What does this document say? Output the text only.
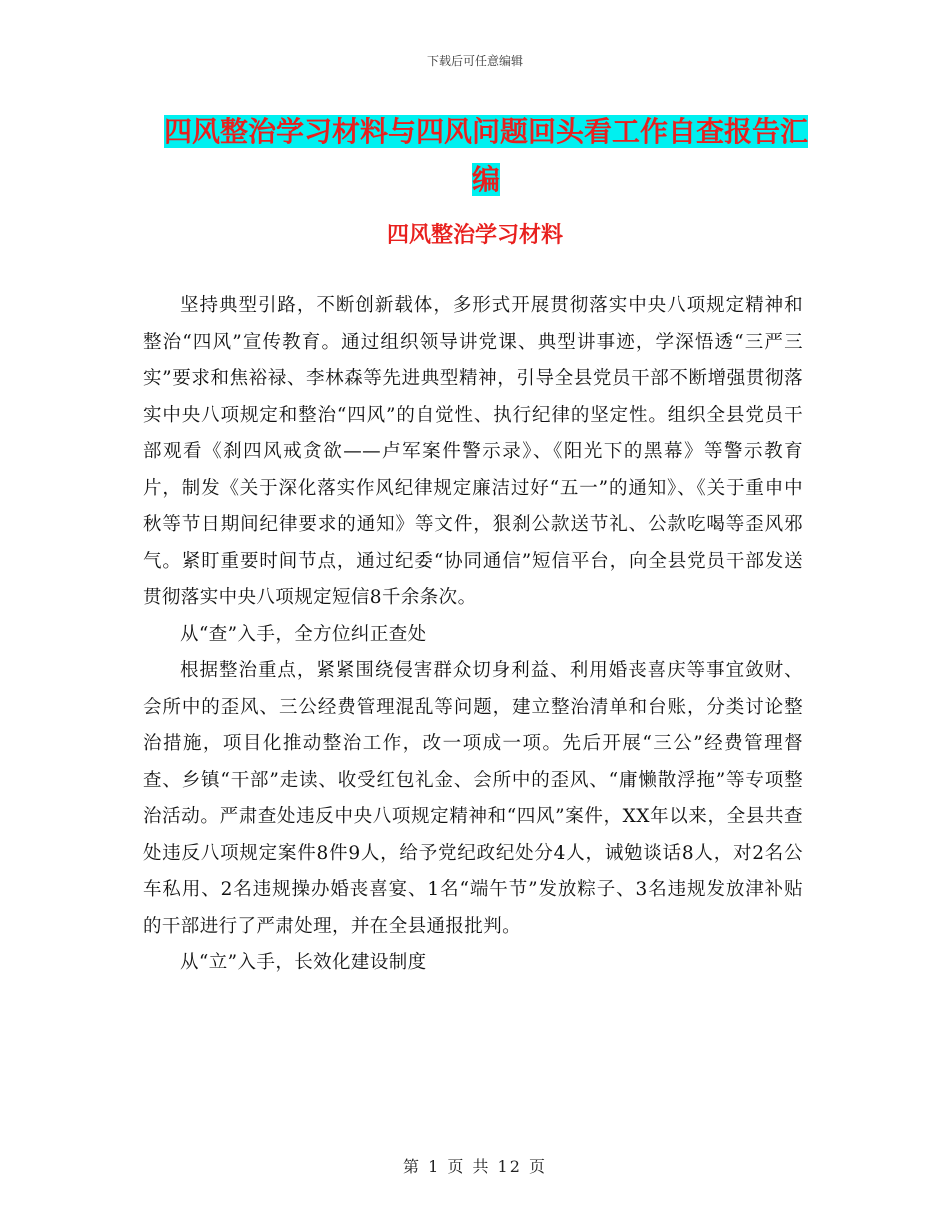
下载后可任意编辑
四风整治学习材料与四风问题回头看工作自查报告汇编
四风整治学习材料

坚持典型引路，不断创新载体，多形式开展贯彻落实中央八项规定精神和整治“四风”宣传教育。通过组织领导讲党课、典型讲事迹，学深悟透“三严三实”要求和焦裕禄、李林森等先进典型精神，引导全县党员干部不断增强贯彻落实中央八项规定和整治“四风”的自觉性、执行纪律的坚定性。组织全县党员干部观看《刹四风戒贪欲——卢军案件警示录》、《阳光下的黑幕》等警示教育片，制发《关于深化落实作风纪律规定廉洁过好“五一”的通知》、《关于重申中秋等节日期间纪律要求的通知》等文件，狠刹公款送节礼、公款吃喝等歪风邪气。紧盯重要时间节点，通过纪委“协同通信”短信平台，向全县党员干部发送贯彻落实中央八项规定短信8千余条次。

从“查”入手，全方位纠正查处

根据整治重点，紧紧围绕侵害群众切身利益、利用婚丧喜庆等事宜敛财、会所中的歪风、三公经费管理混乱等问题，建立整治清单和台账，分类讨论整治措施，项目化推动整治工作，改一项成一项。先后开展“三公”经费管理督查、乡镇“干部”走读、收受红包礼金、会所中的歪风、“庸懒散浮拖”等专项整治活动。严肃查处违反中央八项规定精神和“四风”案件，XX年以来，全县共查处违反八项规定案件8件9人，给予党纪政纪处分4人，诫勉谈话8人，对2名公车私用、2名违规操办婚丧喜宴、1名“端午节”发放粽子、3名违规发放津补贴的干部进行了严肃处理，并在全县通报批判。

从“立”入手，长效化建设制度

第 1 页 共 12 页
